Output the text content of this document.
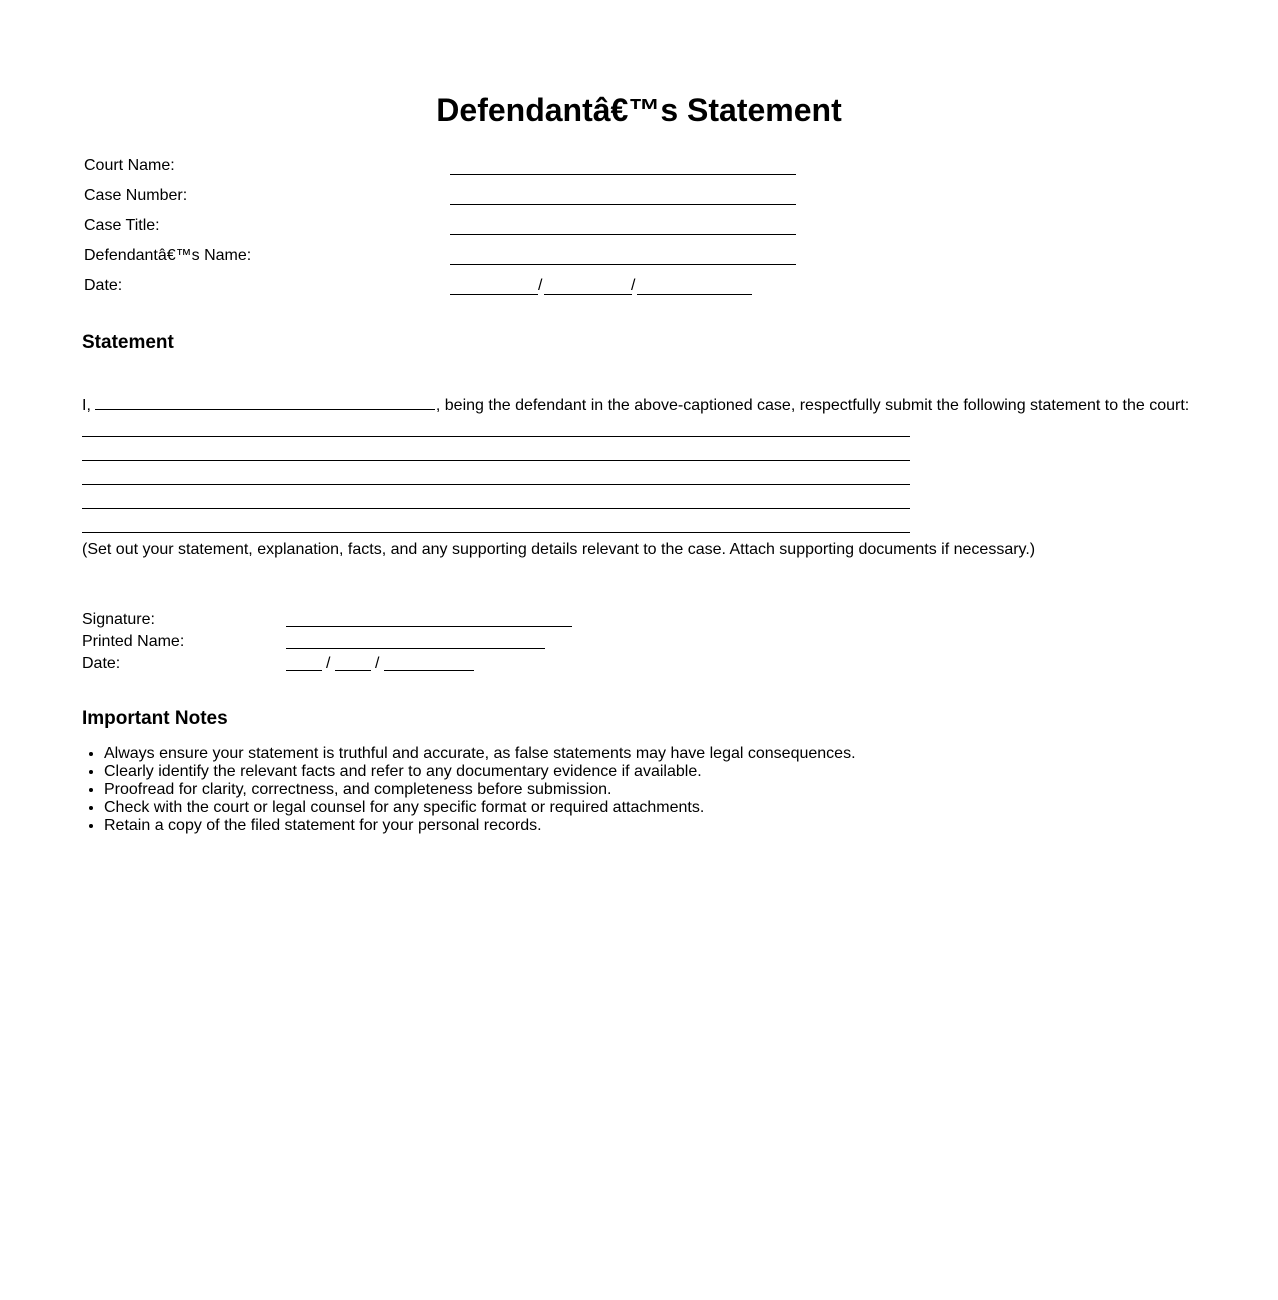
Defendantâ€™s Statement
Court Name:
Case Number:
Case Title:
Defendantâ€™s Name:
Date:	/	/
Statement
I,	, being the defendant in the above-captioned case, respectfully submit the following statement to the court:
(Set out your statement, explanation, facts, and any supporting details relevant to the case. Attach supporting documents if necessary.)
Signature:
Printed Name:
Date:	/	/
Important Notes
• Always ensure your statement is truthful and accurate, as false statements may have legal consequences.
• Clearly identify the relevant facts and refer to any documentary evidence if available.
• Proofread for clarity, correctness, and completeness before submission.
• Check with the court or legal counsel for any specific format or required attachments.
• Retain a copy of the filed statement for your personal records.
